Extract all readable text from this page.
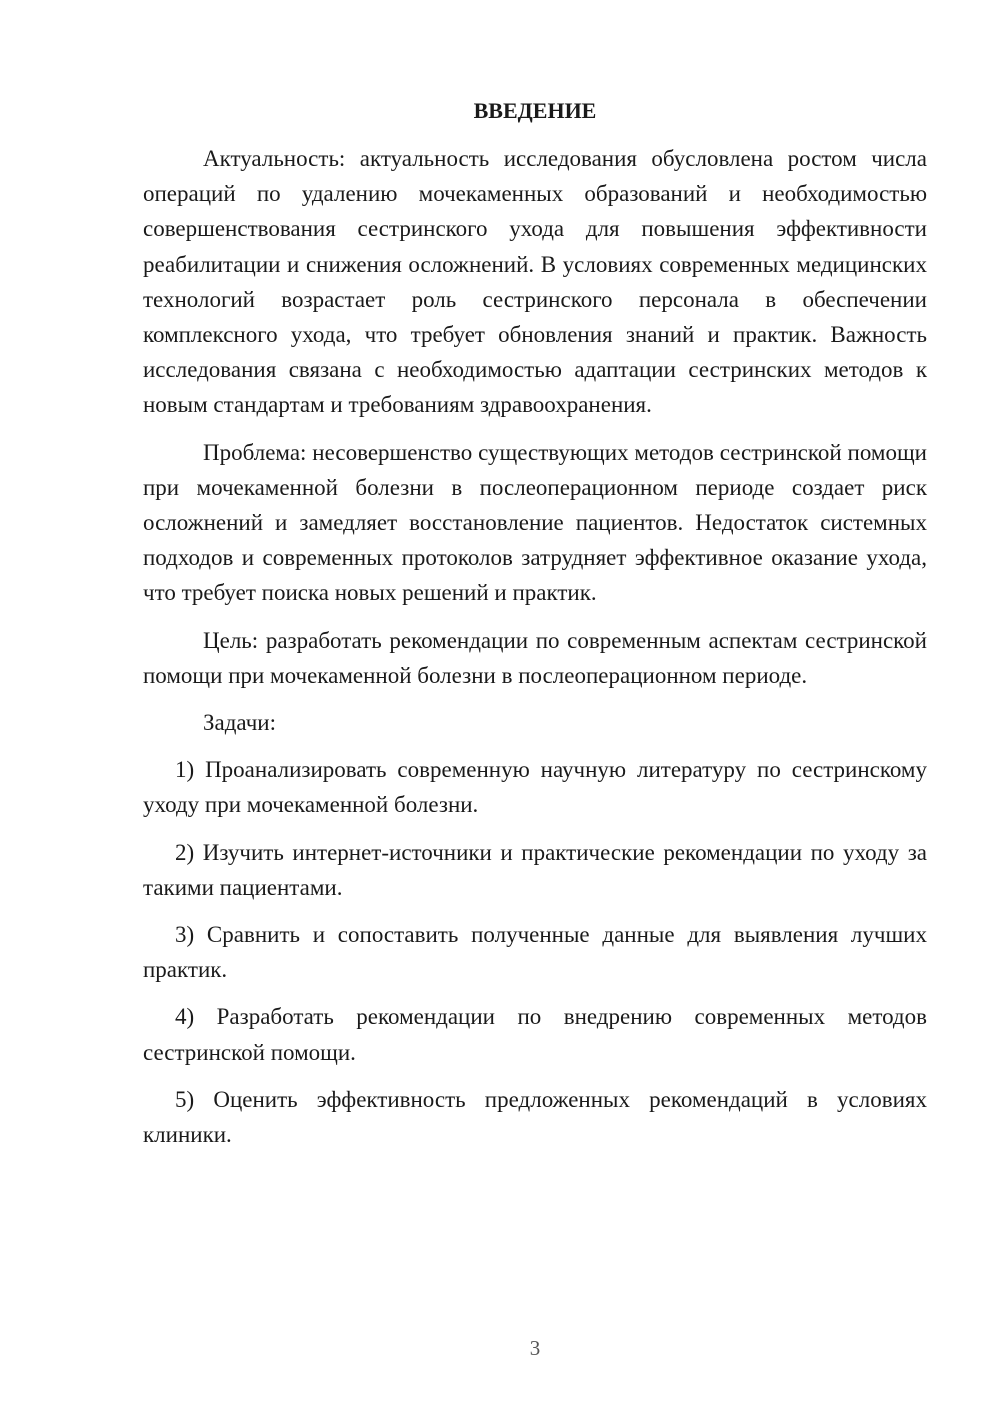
ВВЕДЕНИЕ

Актуальность: актуальность исследования обусловлена ростом числа операций по удалению мочекаменных образований и необходимостью совершенствования сестринского ухода для повышения эффективности реабилитации и снижения осложнений. В условиях современных медицинских технологий возрастает роль сестринского персонала в обеспечении комплексного ухода, что требует обновления знаний и практик. Важность исследования связана с необходимостью адаптации сестринских методов к новым стандартам и требованиям здравоохранения.

Проблема: несовершенство существующих методов сестринской помощи при мочекаменной болезни в послеоперационном периоде создает риск осложнений и замедляет восстановление пациентов. Недостаток системных подходов и современных протоколов затрудняет эффективное оказание ухода, что требует поиска новых решений и практик.

Цель: разработать рекомендации по современным аспектам сестринской помощи при мочекаменной болезни в послеоперационном периоде.

Задачи:

1) Проанализировать современную научную литературу по сестринскому уходу при мочекаменной болезни.

2) Изучить интернет-источники и практические рекомендации по уходу за такими пациентами.

3) Сравнить и сопоставить полученные данные для выявления лучших практик.

4) Разработать рекомендации по внедрению современных методов сестринской помощи.

5) Оценить эффективность предложенных рекомендаций в условиях клиники.

3
